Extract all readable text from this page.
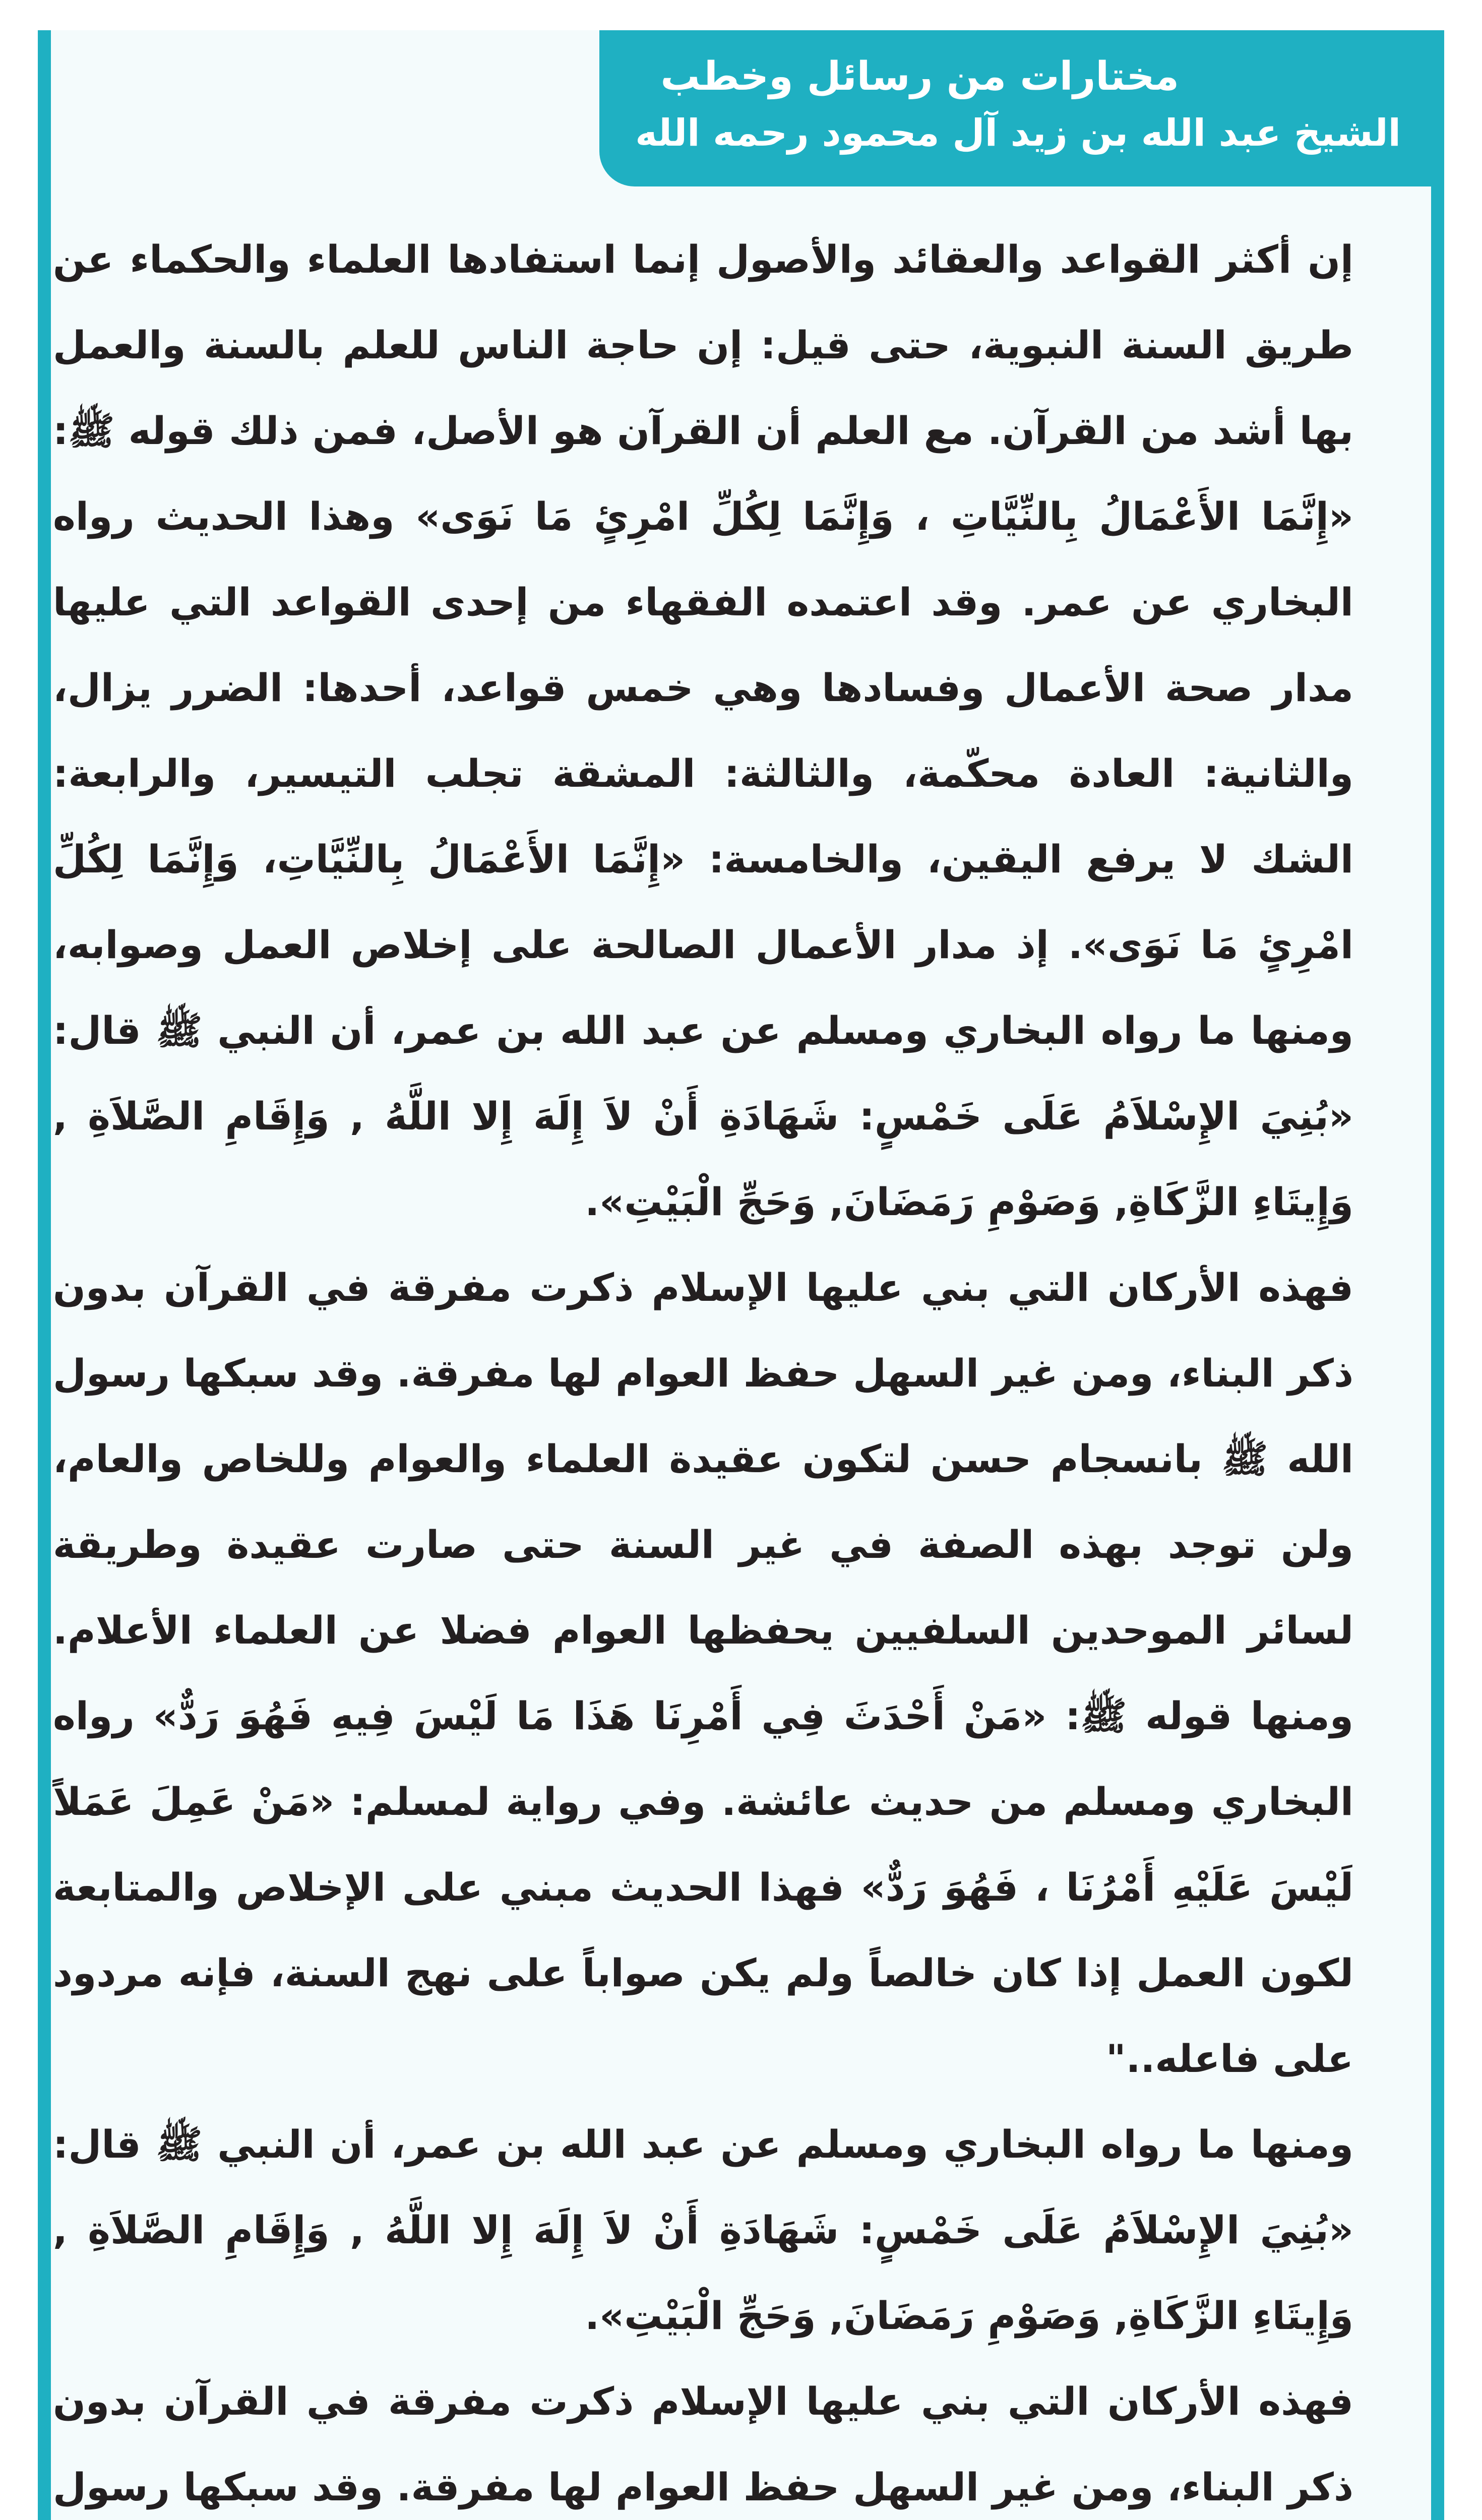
مختارات من رسائل وخطب
الشيخ عبد الله بن زيد آل محمود رحمه الله

إن أكثر القواعد والعقائد والأصول إنما استفادها العلماء والحكماء عن طريق السنة النبوية، حتى قيل: إن حاجة الناس للعلم بالسنة والعمل بها أشد من القرآن. مع العلم أن القرآن هو الأصل، فمن ذلك قوله ﷺ: «إِنَّمَا الأَعْمَالُ بِالنِّيَّاتِ ، وَإِنَّمَا لِكُلِّ امْرِئٍ مَا نَوَى» وهذا الحديث رواه البخاري عن عمر. وقد اعتمده الفقهاء من إحدى القواعد التي عليها مدار صحة الأعمال وفسادها وهي خمس قواعد، أحدها: الضرر يزال، والثانية: العادة محكّمة، والثالثة: المشقة تجلب التيسير، والرابعة: الشك لا يرفع اليقين، والخامسة: «إِنَّمَا الأَعْمَالُ بِالنِّيَّاتِ، وَإِنَّمَا لِكُلِّ امْرِئٍ مَا نَوَى». إذ مدار الأعمال الصالحة على إخلاص العمل وصوابه، ومنها ما رواه البخاري ومسلم عن عبد الله بن عمر، أن النبي ﷺ قال: «بُنِيَ الإِسْلاَمُ عَلَى خَمْسٍ: شَهَادَةِ أَنْ لاَ إِلَهَ إِلا اللَّهُ , وَإِقَامِ الصَّلاَةِ , وَإِيتَاءِ الزَّكَاةِ, وَصَوْمِ رَمَضَانَ, وَحَجِّ الْبَيْتِ».

فهذه الأركان التي بني عليها الإسلام ذكرت مفرقة في القرآن بدون ذكر البناء، ومن غير السهل حفظ العوام لها مفرقة. وقد سبكها رسول الله ﷺ بانسجام حسن لتكون عقيدة العلماء والعوام وللخاص والعام، ولن توجد بهذه الصفة في غير السنة حتى صارت عقيدة وطريقة لسائر الموحدين السلفيين يحفظها العوام فضلا عن العلماء الأعلام. ومنها قوله ﷺ: «مَنْ أَحْدَثَ فِي أَمْرِنَا هَذَا مَا لَيْسَ فِيهِ فَهُوَ رَدٌّ» رواه البخاري ومسلم من حديث عائشة. وفي رواية لمسلم: «مَنْ عَمِلَ عَمَلاً لَيْسَ عَلَيْهِ أَمْرُنَا ، فَهُوَ رَدٌّ» فهذا الحديث مبني على الإخلاص والمتابعة لكون العمل إذا كان خالصاً ولم يكن صواباً على نهج السنة، فإنه مردود على فاعله.."

ومنها ما رواه البخاري ومسلم عن عبد الله بن عمر، أن النبي ﷺ قال: «بُنِيَ الإِسْلاَمُ عَلَى خَمْسٍ: شَهَادَةِ أَنْ لاَ إِلَهَ إِلا اللَّهُ , وَإِقَامِ الصَّلاَةِ , وَإِيتَاءِ الزَّكَاةِ, وَصَوْمِ رَمَضَانَ, وَحَجِّ الْبَيْتِ».

فهذه الأركان التي بني عليها الإسلام ذكرت مفرقة في القرآن بدون ذكر البناء، ومن غير السهل حفظ العوام لها مفرقة. وقد سبكها رسول
